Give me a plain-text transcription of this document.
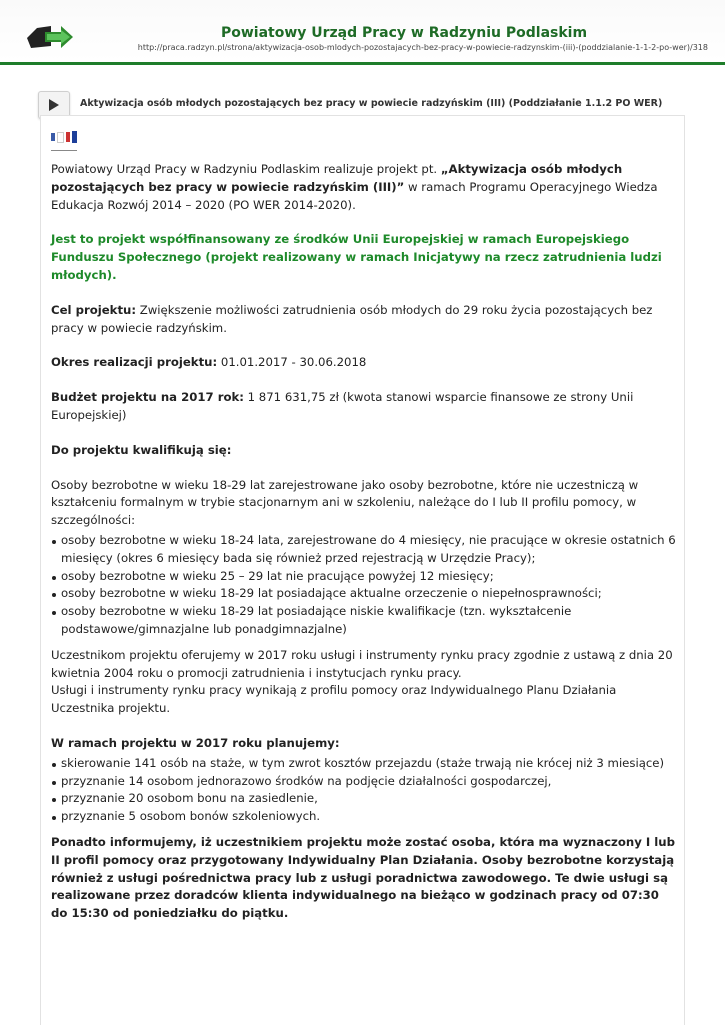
Powiatowy Urząd Pracy w Radzyniu Podlaskim
http://praca.radzyn.pl/strona/aktywizacja-osob-mlodych-pozostajacych-bez-pracy-w-powiecie-radzynskim-(iii)-(poddzialanie-1-1-2-po-wer)/318
Aktywizacja osób młodych pozostających bez pracy w powiecie radzyńskim (III) (Poddziałanie 1.1.2 PO WER)

Powiatowy Urząd Pracy w Radzyniu Podlaskim realizuje projekt pt. „Aktywizacja osób młodych pozostających bez pracy w powiecie radzyńskim (III)” w ramach Programu Operacyjnego Wiedza Edukacja Rozwój 2014 – 2020 (PO WER 2014-2020).

Jest to projekt współfinansowany ze środków Unii Europejskiej w ramach Europejskiego Funduszu Społecznego (projekt realizowany w ramach Inicjatywy na rzecz zatrudnienia ludzi młodych).

Cel projektu: Zwiększenie możliwości zatrudnienia osób młodych do 29 roku życia pozostających bez pracy w powiecie radzyńskim.

Okres realizacji projektu: 01.01.2017 - 30.06.2018

Budżet projektu na 2017 rok: 1 871 631,75 zł (kwota stanowi wsparcie finansowe ze strony Unii Europejskiej)

Do projektu kwalifikują się:

Osoby bezrobotne w wieku 18-29 lat zarejestrowane jako osoby bezrobotne, które nie uczestniczą w kształceniu formalnym w trybie stacjonarnym ani w szkoleniu, należące do I lub II profilu pomocy, w szczególności:

osoby bezrobotne w wieku 18-24 lata, zarejestrowane do 4 miesięcy, nie pracujące w okresie ostatnich 6 miesięcy (okres 6 miesięcy bada się również przed rejestracją w Urzędzie Pracy);
osoby bezrobotne w wieku 25 – 29 lat nie pracujące powyżej 12 miesięcy;
osoby bezrobotne w wieku 18-29 lat posiadające aktualne orzeczenie o niepełnosprawności;
osoby bezrobotne w wieku 18-29 lat posiadające niskie kwalifikacje (tzn. wykształcenie podstawowe/gimnazjalne lub ponadgimnazjalne)

Uczestnikom projektu oferujemy w 2017 roku usługi i instrumenty rynku pracy zgodnie z ustawą z dnia 20 kwietnia 2004 roku o promocji zatrudnienia i instytucjach rynku pracy.

Usługi i instrumenty rynku pracy wynikają z profilu pomocy oraz Indywidualnego Planu Działania Uczestnika projektu.

W ramach projektu w 2017 roku planujemy:

skierowanie 141 osób na staże, w tym zwrot kosztów przejazdu (staże trwają nie krócej niż 3 miesiące)
przyznanie 14 osobom jednorazowo środków na podjęcie działalności gospodarczej,
przyznanie 20 osobom bonu na zasiedlenie,
przyznanie 5 osobom bonów szkoleniowych.

Ponadto informujemy, iż uczestnikiem projektu może zostać osoba, która ma wyznaczony I lub II profil pomocy oraz przygotowany Indywidualny Plan Działania. Osoby bezrobotne korzystają również z usługi pośrednictwa pracy lub z usługi poradnictwa zawodowego. Te dwie usługi są realizowane przez doradców klienta indywidualnego na bieżąco w godzinach pracy od 07:30 do 15:30 od poniedziałku do piątku.
